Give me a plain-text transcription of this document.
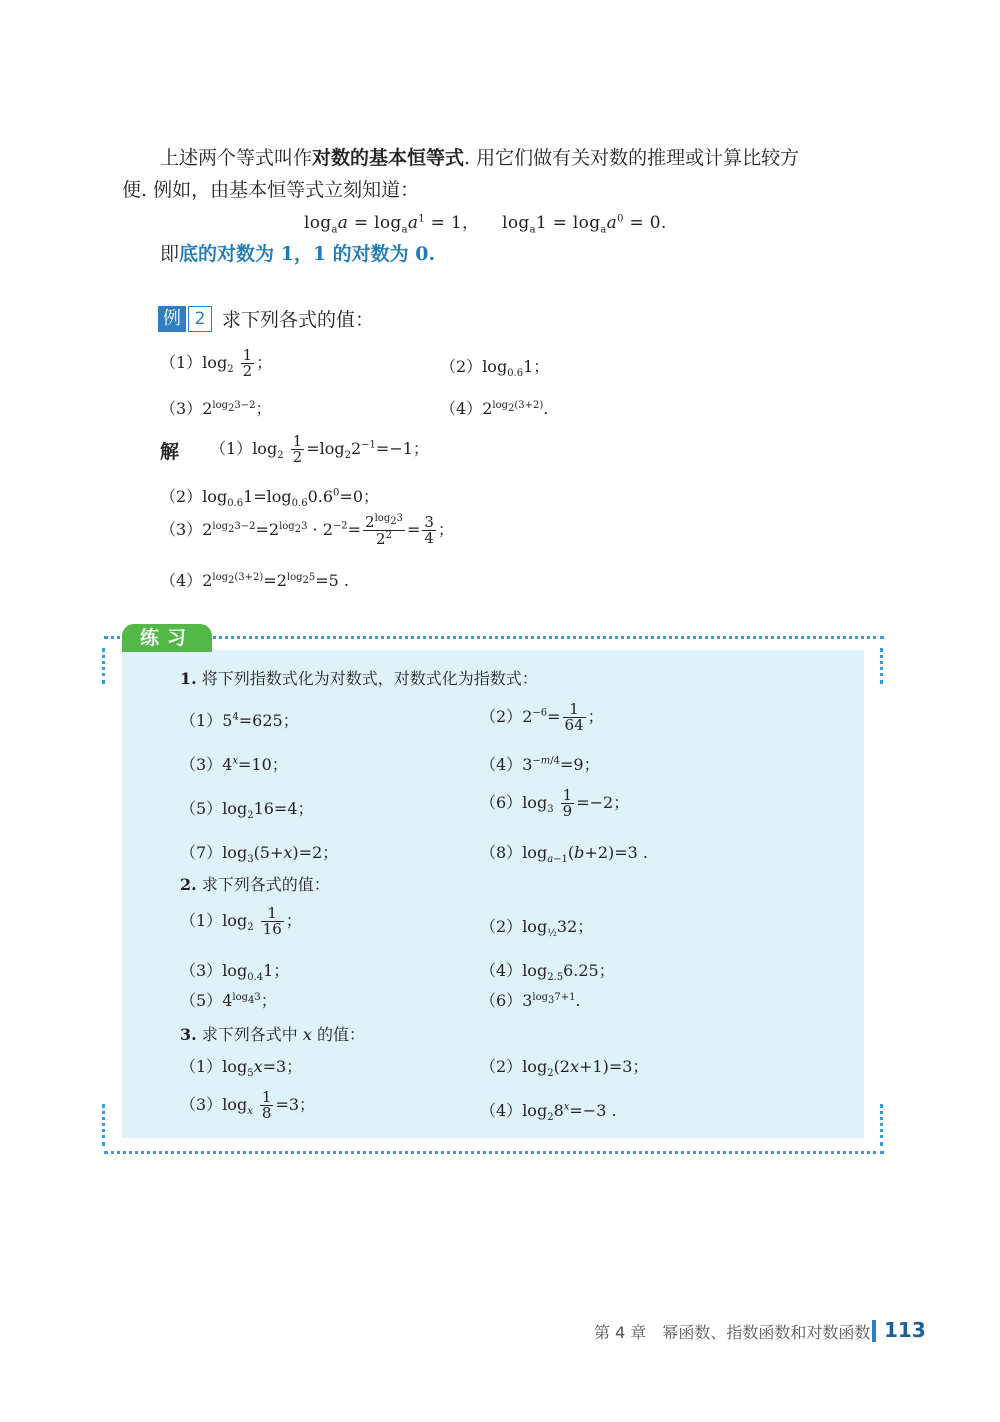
上述两个等式叫作对数的基本恒等式. 用它们做有关对数的推理或计算比较方
便. 例如，由基本恒等式立刻知道：
$\log_aa = \log_aa^1 = 1$，    $\log_a1 = \log_aa^0 = 0$.
即底的对数为 1，1 的对数为 0.
例 2 求下列各式的值：
$(1)\log_2 \frac{1}{2}$ ；	$(2)\log_{0.6}1$；
$(3)2^{log_23-2}$；	$(4)2^{log_2(3+2)}$.
解 $(1)\log_2 \frac{1}{2} =\log_22^{-1}=-1$；
$(2)\log_{0.6}1=\log_{0.6}0.6^0=0$；
$(3)2^{log_23-2}=2^{log_23} \cdot 2^{-2}= \frac{2^{log_23}}{2^2} = \frac{3}{4}$ ；
$(4)2^{log_2(3+2)}=2^{log_25}=5$ .
练习
1. 将下列指数式化为对数式，对数式化为指数式：
$(1)5^4=625$；	$(2)2^{-6}= \frac{1}{64}$ ；
$(3)4^x=10$；	$(4)3^{-m/4}=9$；
$(5)\log_216=4$；	$(6)\log_3 \frac{1}{9} =-2$；
$(7)\log_3(5+x)=2$；	$(8)\log_{a-1}(b+2)=3$ .
2. 求下列各式的值：
$(1)\log_2 \frac{1}{16}$ ；	$(2)\log_{\frac{1}{2}}32$；
$(3)\log_{0.4}1$；	$(4)\log_{2.5}6.25$；
$(5)4^{log_43}$；	$(6)3^{log_37+1}$.
3. 求下列各式中 x 的值：
$(1)\log_5x=3$；	$(2)\log_2(2x+1)=3$；
$(3)\log_x \frac{1}{8} =3$；	$(4)\log_28^x=-3$ .
第 4 章　幂函数、指数函数和对数函数 113
